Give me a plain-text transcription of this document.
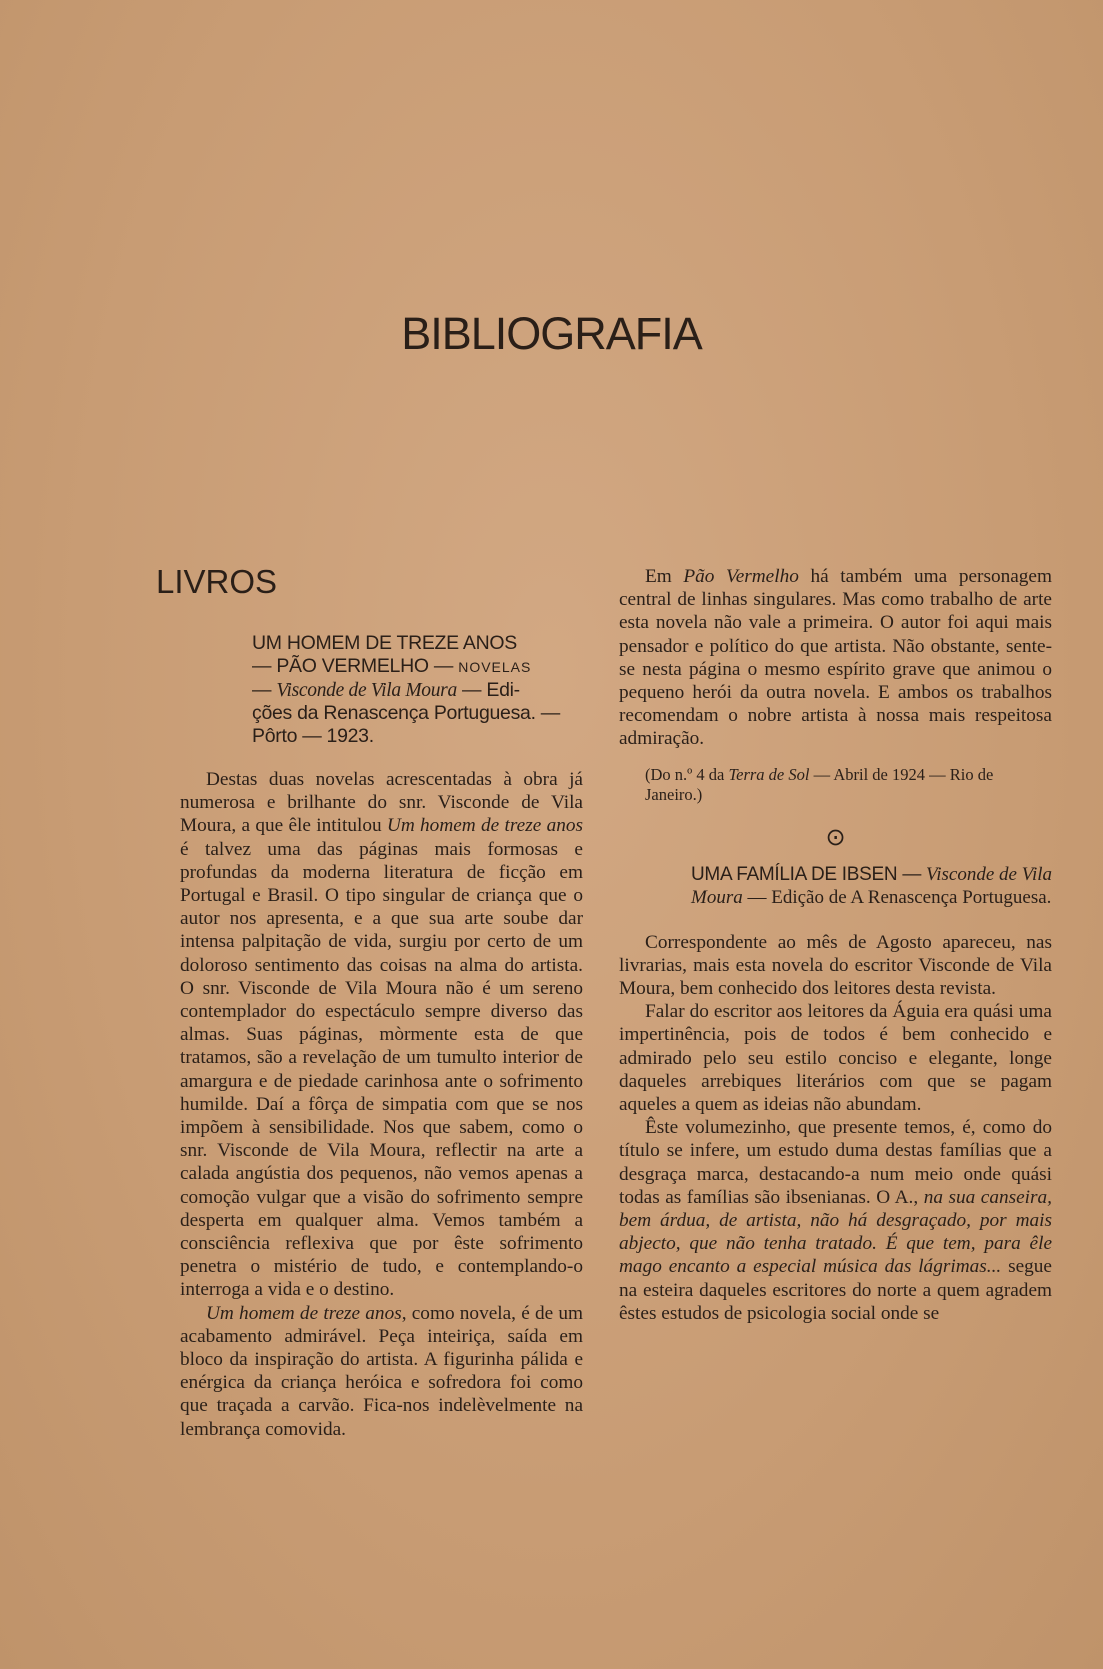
BIBLIOGRAFIA
LIVROS
UM HOMEM DE TREZE ANOS
— PÃO VERMELHO — NOVELAS
— Visconde de Vila Moura — Edi-
ções da Renascença Portuguesa. —
Pôrto — 1923.

Destas duas novelas acrescentadas à obra já numerosa e brilhante do snr. Visconde de Vila Moura, a que êle intitulou Um homem de treze anos é talvez uma das páginas mais formosas e profundas da moderna literatura de ficção em Portugal e Brasil. O tipo singular de criança que o autor nos apresenta, e a que sua arte soube dar intensa palpitação de vida, surgiu por certo de um doloroso sentimento das coisas na alma do artista. O snr. Visconde de Vila Moura não é um sereno contemplador do espectáculo sempre diverso das almas. Suas páginas, mòrmente esta de que tratamos, são a revelação de um tumulto interior de amargura e de piedade carinhosa ante o sofrimento humilde. Daí a fôrça de simpatia com que se nos impõem à sensibilidade. Nos que sabem, como o snr. Visconde de Vila Moura, reflectir na arte a calada angústia dos pequenos, não vemos apenas a comoção vulgar que a visão do sofrimento sempre desperta em qualquer alma. Vemos também a consciência reflexiva que por êste sofrimento penetra o mistério de tudo, e contemplando-o interroga a vida e o destino.

Um homem de treze anos, como novela, é de um acabamento admirável. Peça inteiriça, saída em bloco da inspiração do artista. A figurinha pálida e enérgica da criança heróica e sofredora foi como que traçada a carvão. Fica-nos indelèvelmente na lembrança comovida.

Em Pão Vermelho há também uma personagem central de linhas singulares. Mas como trabalho de arte esta novela não vale a primeira. O autor foi aqui mais pensador e político do que artista. Não obstante, sente-se nesta página o mesmo espírito grave que animou o pequeno herói da outra novela. E ambos os trabalhos recomendam o nobre artista à nossa mais respeitosa admiração.

(Do n.º 4 da Terra de Sol — Abril de 1924 — Rio de Janeiro.)
⊙
UMA FAMÍLIA DE IBSEN — Visconde de Vila Moura — Edição de A Renascença Portuguesa.

Correspondente ao mês de Agosto apareceu, nas livrarias, mais esta novela do escritor Visconde de Vila Moura, bem conhecido dos leitores desta revista.

Falar do escritor aos leitores da Águia era quási uma impertinência, pois de todos é bem conhecido e admirado pelo seu estilo conciso e elegante, longe daqueles arrebiques literários com que se pagam aqueles a quem as ideias não abundam.

Êste volumezinho, que presente temos, é, como do título se infere, um estudo duma destas famílias que a desgraça marca, destacando-a num meio onde quási todas as famílias são ibsenianas. O A., na sua canseira, bem árdua, de artista, não há desgraçado, por mais abjecto, que não tenha tratado. É que tem, para êle mago encanto a especial música das lágrimas... segue na esteira daqueles escritores do norte a quem agradem êstes estudos de psicologia social onde se
